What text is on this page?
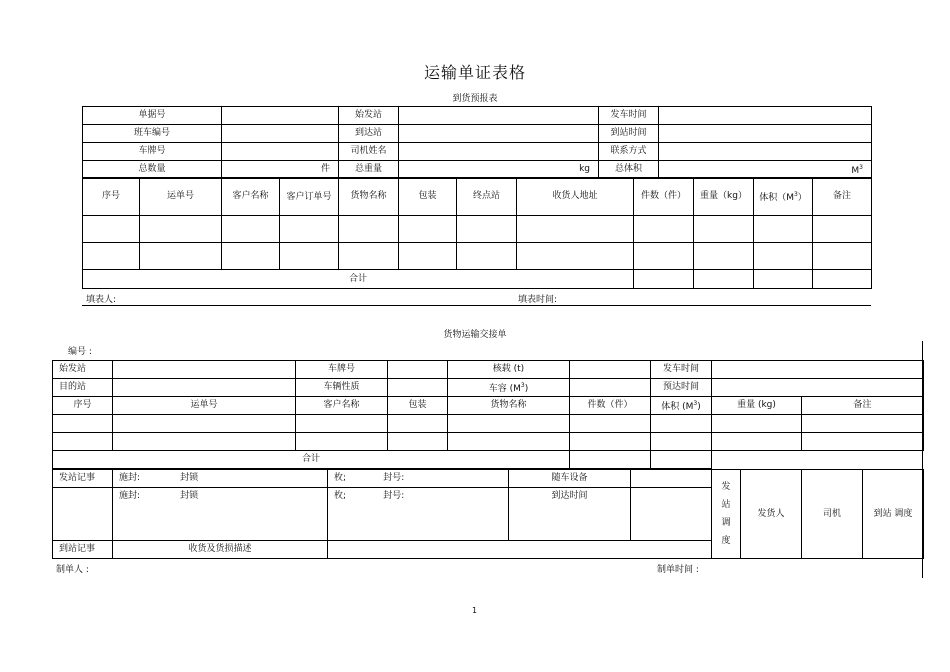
运输单证表格
到货预报表
单据号		始发站		发车时间	
班车编号		到达站		到站时间	
车牌号		司机姓名		联系方式	
总数量	件	总重量	kg	总体积	$M^3$
序号	运单号	客户名称	客户订单号	货物名称	包装	终点站	收货人地址	件数（件）	重量（kg）	体积$(M^3)$	备注

合计											
填表人:	填表时间:
货物运输交接单
编号 :
始发站		车牌号		核载 (t)		发车时间	
目的站		车辆性质		车容 $(M^3)$		预达时间	
序号	运单号	客户名称	包装	货物名称	件数（件）	体积 $(M^3)$	重量 (kg)	备注

合计								
发站记事	施封: 封锁	枚; 封号:	随车设备		发站调度	发货人	司机	到站 调度
	施封: 封锁	枚; 封号:	到达时间					
到站记事	收货及货损描述							
制单人 :	制单时间 :
1
